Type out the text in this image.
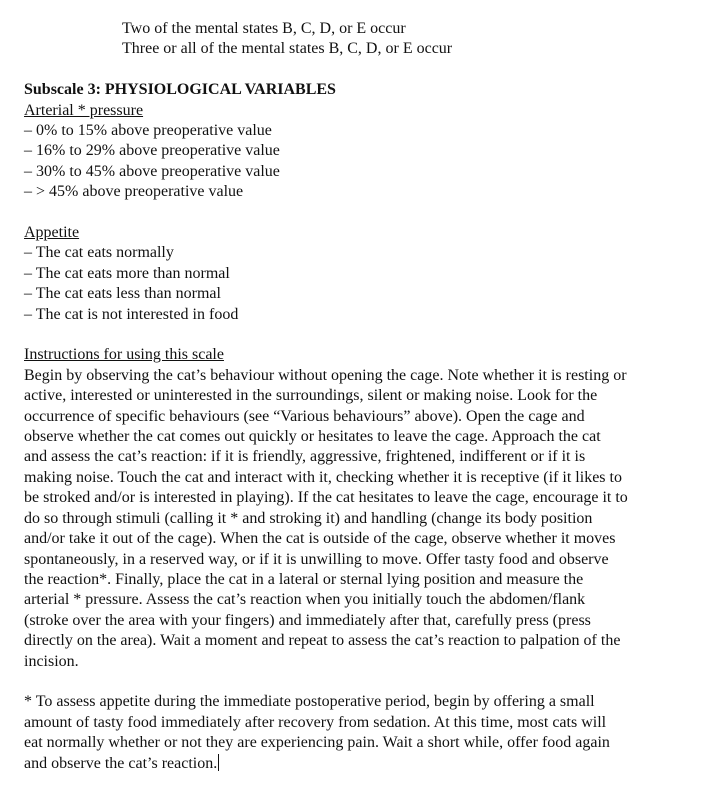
Two of the mental states B, C, D, or E occur
Three or all of the mental states B, C, D, or E occur
Subscale 3: PHYSIOLOGICAL VARIABLES
Arterial * pressure
– 0% to 15% above preoperative value
– 16% to 29% above preoperative value
– 30% to 45% above preoperative value
– > 45% above preoperative value
Appetite
– The cat eats normally
– The cat eats more than normal
– The cat eats less than normal
– The cat is not interested in food
Instructions for using this scale
Begin by observing the cat’s behaviour without opening the cage. Note whether it is resting or
active, interested or uninterested in the surroundings, silent or making noise. Look for the
occurrence of specific behaviours (see “Various behaviours” above). Open the cage and
observe whether the cat comes out quickly or hesitates to leave the cage. Approach the cat
and assess the cat’s reaction: if it is friendly, aggressive, frightened, indifferent or if it is
making noise. Touch the cat and interact with it, checking whether it is receptive (if it likes to
be stroked and/or is interested in playing). If the cat hesitates to leave the cage, encourage it to
do so through stimuli (calling it * and stroking it) and handling (change its body position
and/or take it out of the cage). When the cat is outside of the cage, observe whether it moves
spontaneously, in a reserved way, or if it is unwilling to move. Offer tasty food and observe
the reaction*. Finally, place the cat in a lateral or sternal lying position and measure the
arterial * pressure. Assess the cat’s reaction when you initially touch the abdomen/flank
(stroke over the area with your fingers) and immediately after that, carefully press (press
directly on the area). Wait a moment and repeat to assess the cat’s reaction to palpation of the
incision.
* To assess appetite during the immediate postoperative period, begin by offering a small
amount of tasty food immediately after recovery from sedation. At this time, most cats will
eat normally whether or not they are experiencing pain. Wait a short while, offer food again
and observe the cat’s reaction.
